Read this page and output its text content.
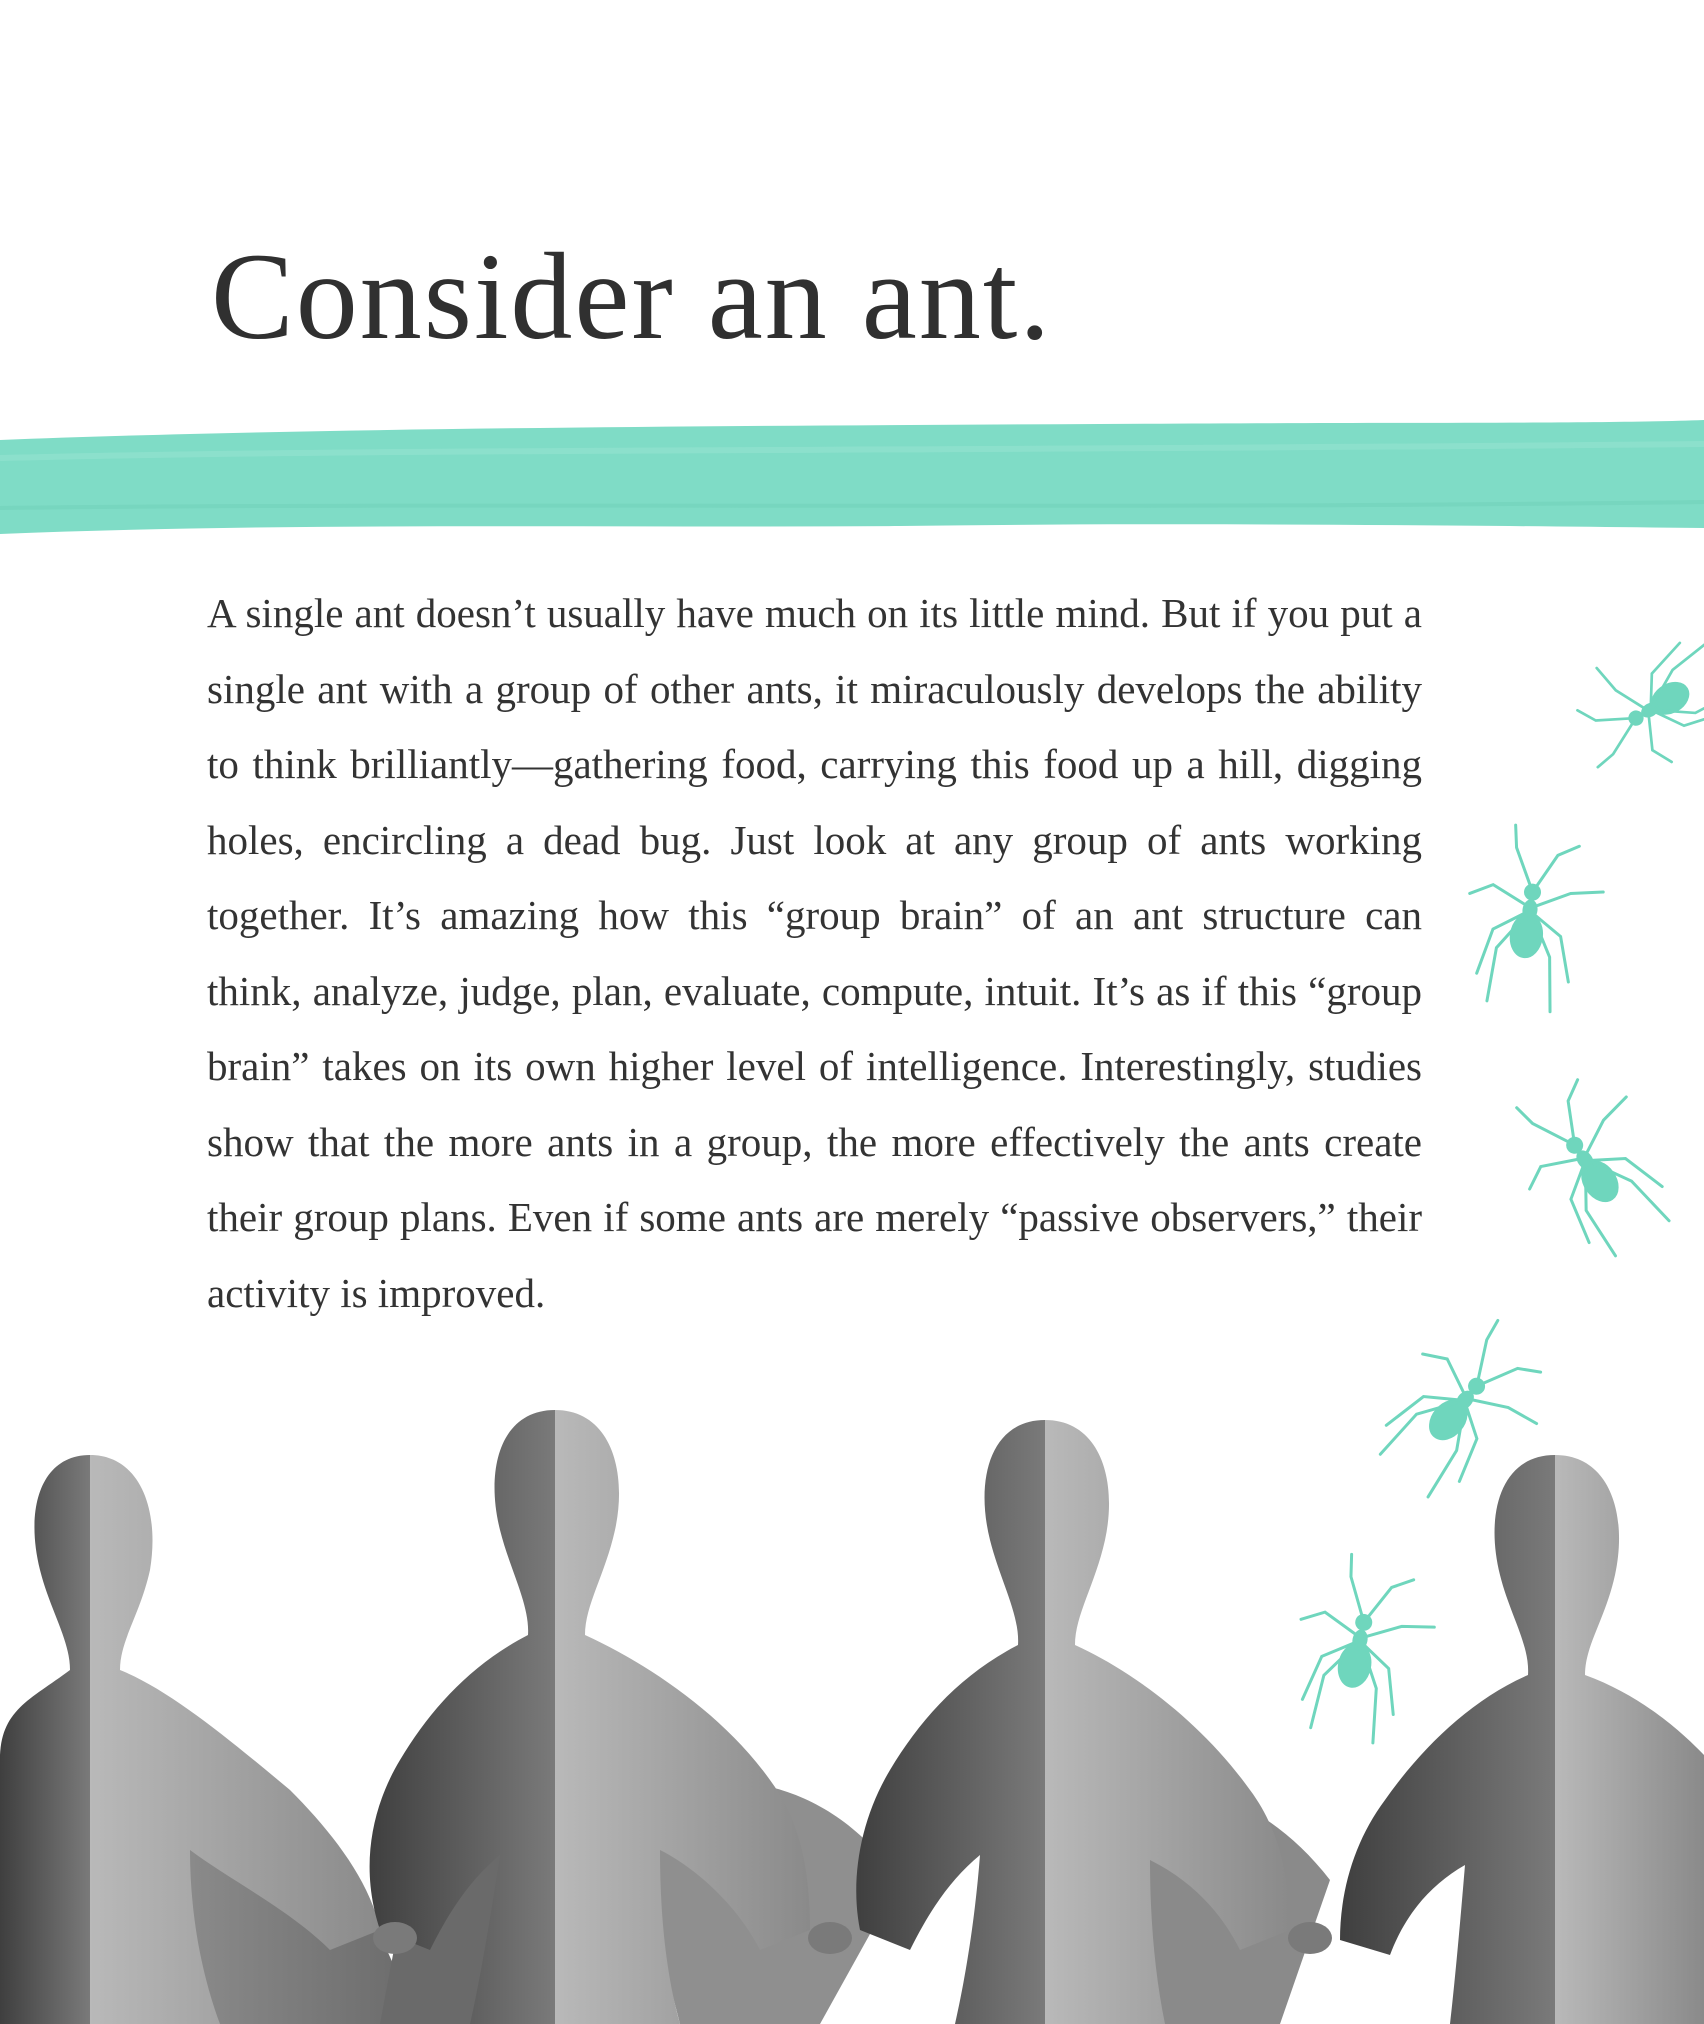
Consider an ant.

A single ant doesn’t usually have much on its little mind. But if you put a single ant with a group of other ants, it miraculously develops the ability to think brilliantly—gathering food, carrying this food up a hill, digging holes, encircling a dead bug. Just look at any group of ants working together. It’s amazing how this “group brain” of an ant structure can think, analyze, judge, plan, evaluate, compute, intuit. It’s as if this “group brain” takes on its own higher level of intelligence. Interestingly, studies show that the more ants in a group, the more effectively the ants create their group plans. Even if some ants are merely “passive observers,” their activity is improved.
